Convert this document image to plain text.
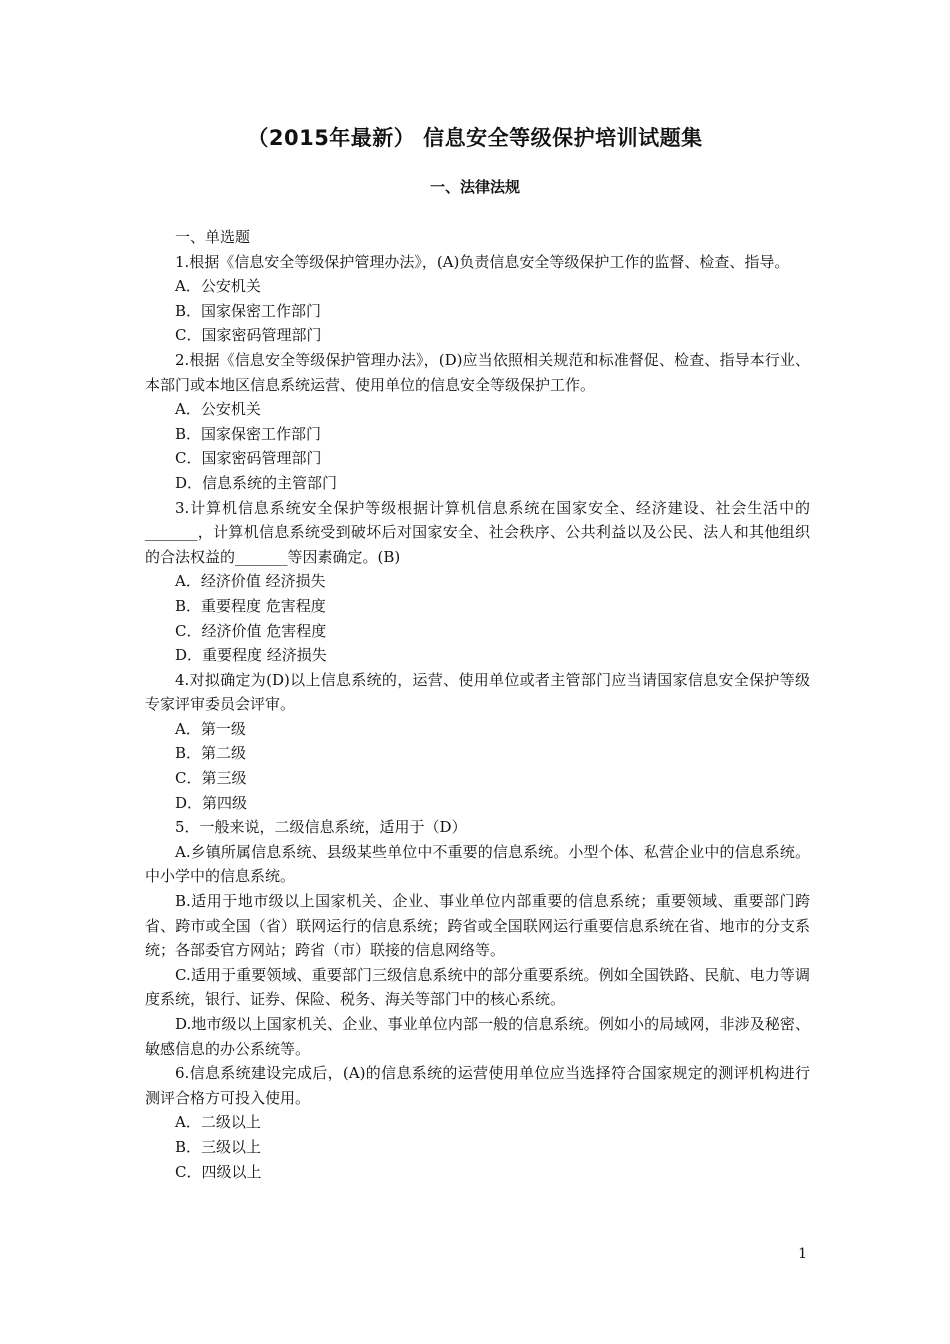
（2015年最新） 信息安全等级保护培训试题集
一、法律法规

一、单选题

1.根据《信息安全等级保护管理办法》，(A)负责信息安全等级保护工作的监督、检查、指导。

A．公安机关

B．国家保密工作部门

C．国家密码管理部门

2.根据《信息安全等级保护管理办法》，(D)应当依照相关规范和标准督促、检查、指导本行业、本部门或本地区信息系统运营、使用单位的信息安全等级保护工作。

A．公安机关

B．国家保密工作部门

C．国家密码管理部门

D．信息系统的主管部门

3.计算机信息系统安全保护等级根据计算机信息系统在国家安全、经济建设、社会生活中的_______，计算机信息系统受到破坏后对国家安全、社会秩序、公共利益以及公民、法人和其他组织的合法权益的_______等因素确定。(B)

A．经济价值 经济损失

B．重要程度 危害程度

C．经济价值 危害程度

D．重要程度 经济损失

4.对拟确定为(D)以上信息系统的，运营、使用单位或者主管部门应当请国家信息安全保护等级专家评审委员会评审。

A．第一级

B．第二级

C．第三级

D．第四级

5．一般来说，二级信息系统，适用于（D）

A.乡镇所属信息系统、县级某些单位中不重要的信息系统。小型个体、私营企业中的信息系统。中小学中的信息系统。

B.适用于地市级以上国家机关、企业、事业单位内部重要的信息系统；重要领域、重要部门跨省、跨市或全国（省）联网运行的信息系统；跨省或全国联网运行重要信息系统在省、地市的分支系统；各部委官方网站；跨省（市）联接的信息网络等。

C.适用于重要领域、重要部门三级信息系统中的部分重要系统。例如全国铁路、民航、电力等调度系统，银行、证券、保险、税务、海关等部门中的核心系统。

D.地市级以上国家机关、企业、事业单位内部一般的信息系统。例如小的局域网，非涉及秘密、敏感信息的办公系统等。

6.信息系统建设完成后，(A)的信息系统的运营使用单位应当选择符合国家规定的测评机构进行测评合格方可投入使用。

A．二级以上

B．三级以上

C．四级以上

1
